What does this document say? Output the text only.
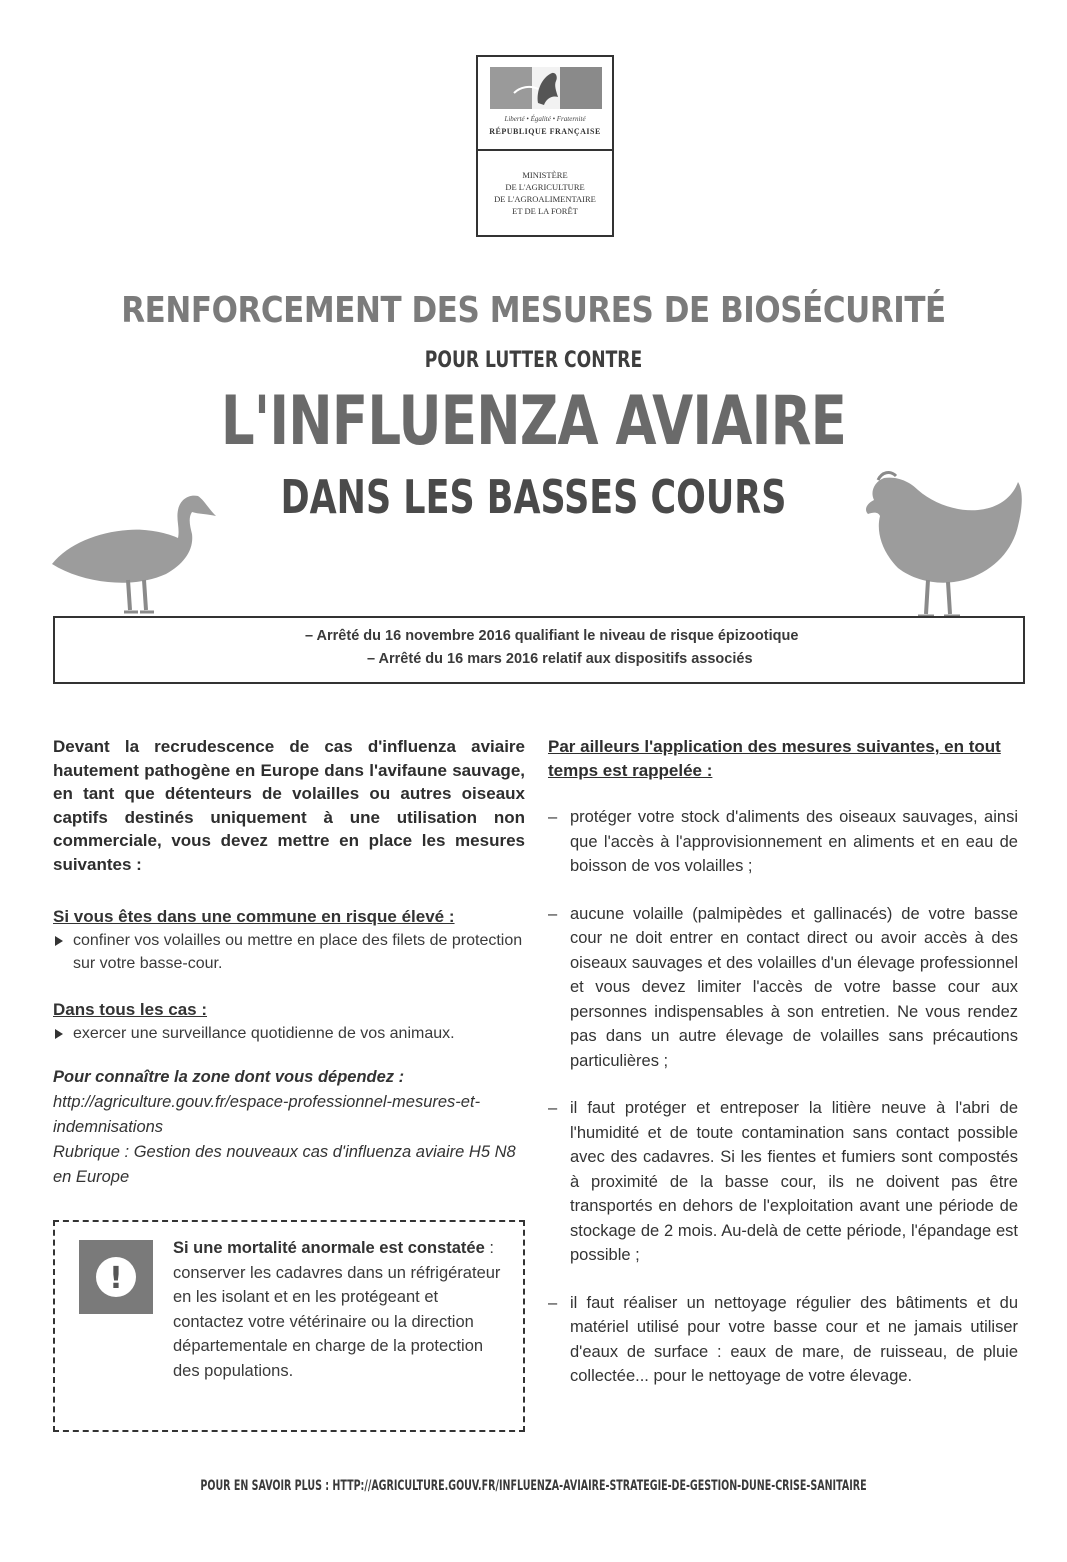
Liberté • Égalité • Fraternité
RÉPUBLIQUE FRANÇAISE
MINISTÈRE
DE L'AGRICULTURE
DE L'AGROALIMENTAIRE
ET DE LA FORÊT
RENFORCEMENT DES MESURES DE BIOSÉCURITÉ
POUR LUTTER CONTRE
L'INFLUENZA AVIAIRE
DANS LES BASSES COURS
– Arrêté du 16 novembre 2016 qualifiant le niveau de risque épizootique
– Arrêté du 16 mars 2016 relatif aux dispositifs associés

Devant la recrudescence de cas d'influenza aviaire hautement pathogène en Europe dans l'avifaune sauvage, en tant que détenteurs de volailles ou autres oiseaux captifs destinés uniquement à une utilisation non commerciale, vous devez mettre en place les mesures suivantes :

Si vous êtes dans une commune en risque élevé :

confiner vos volailles ou mettre en place des filets de protection sur votre basse-cour.

Dans tous les cas :

exercer une surveillance quotidienne de vos animaux.

Pour connaître la zone dont vous dépendez :

http://agriculture.gouv.fr/espace-professionnel-mesures-et-indemnisations

Rubrique : Gestion des nouveaux cas d'influenza aviaire H5 N8 en Europe

!
Si une mortalité anormale est constatée : conserver les cadavres dans un réfrigérateur en les isolant et en les protégeant et contactez votre vétérinaire ou la direction départementale en charge de la protection des populations.

Par ailleurs l'application des mesures suivantes, en tout temps est rappelée :

– protéger votre stock d'aliments des oiseaux sauvages, ainsi que l'accès à l'approvisionnement en aliments et en eau de boisson de vos volailles ;

– aucune volaille (palmipèdes et gallinacés) de votre basse cour ne doit entrer en contact direct ou avoir accès à des oiseaux sauvages et des volailles d'un élevage professionnel et vous devez limiter l'accès de votre basse cour aux personnes indispensables à son entretien. Ne vous rendez pas dans un autre élevage de volailles sans précautions particulières ;

– il faut protéger et entreposer la litière neuve à l'abri de l'humidité et de toute contamination sans contact possible avec des cadavres. Si les fientes et fumiers sont compostés à proximité de la basse cour, ils ne doivent pas être transportés en dehors de l'exploitation avant une période de stockage de 2 mois. Au-delà de cette période, l'épandage est possible ;

– il faut réaliser un nettoyage régulier des bâtiments et du matériel utilisé pour votre basse cour et ne jamais utiliser d'eaux de surface : eaux de mare, de ruisseau, de pluie collectée... pour le nettoyage de votre élevage.

POUR EN SAVOIR PLUS : HTTP://AGRICULTURE.GOUV.FR/INFLUENZA-AVIAIRE-STRATEGIE-DE-GESTION-DUNE-CRISE-SANITAIRE
